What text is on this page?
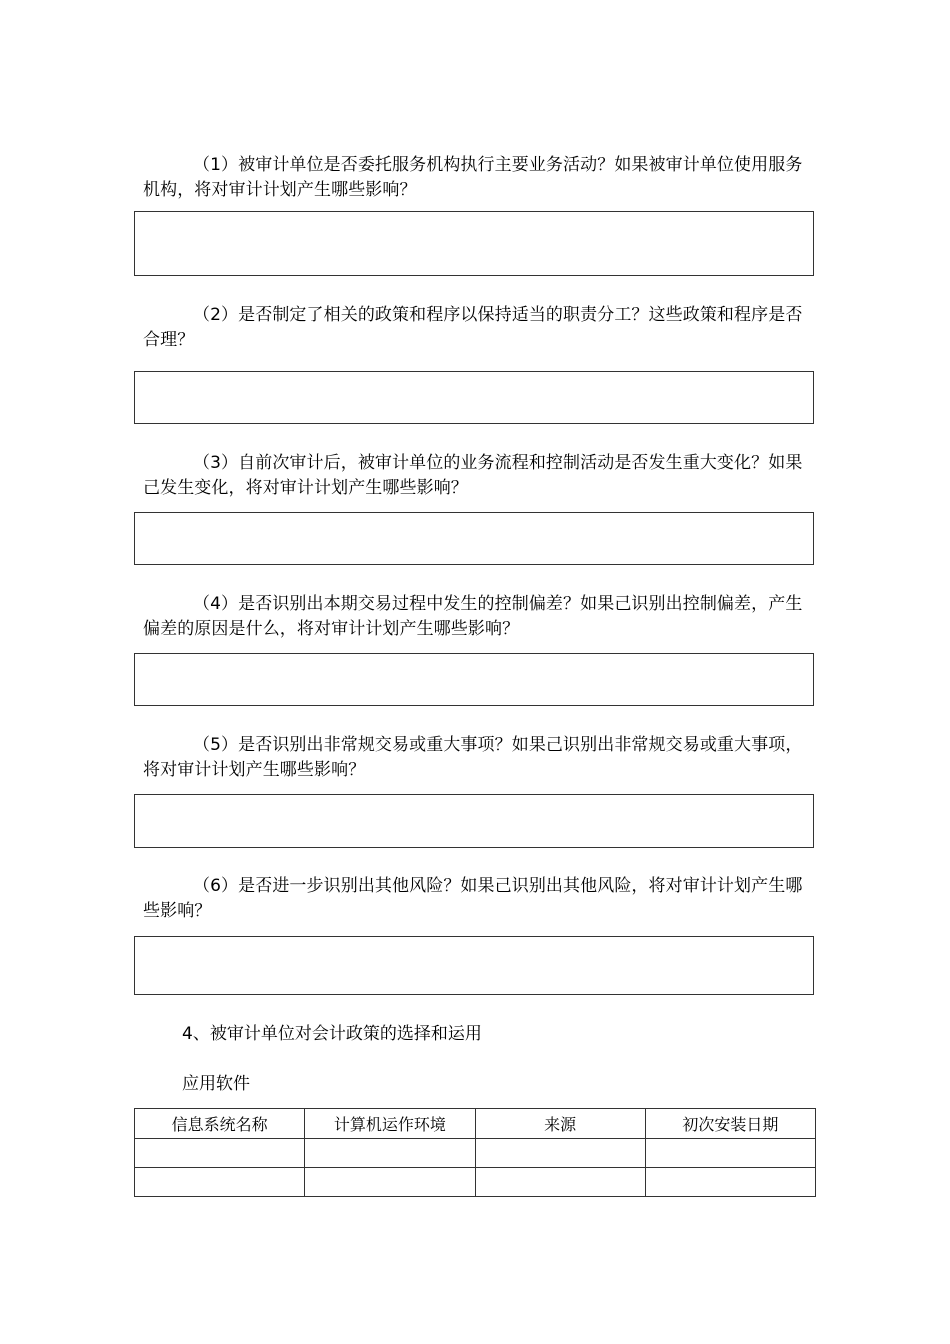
（1）被审计单位是否委托服务机构执行主要业务活动？如果被审计单位使用服务机构，将对审计计划产生哪些影响？
（2）是否制定了相关的政策和程序以保持适当的职责分工？这些政策和程序是否合理？
（3）自前次审计后，被审计单位的业务流程和控制活动是否发生重大变化？如果己发生变化，将对审计计划产生哪些影响？
（4）是否识别出本期交易过程中发生的控制偏差？如果己识别出控制偏差，产生偏差的原因是什么，将对审计计划产生哪些影响？
（5）是否识别出非常规交易或重大事项？如果己识别出非常规交易或重大事项，将对审计计划产生哪些影响？
（6）是否进一步识别出其他风险？如果己识别出其他风险，将对审计计划产生哪些影响？
4、被审计单位对会计政策的选择和运用
应用软件
信息系统名称	计算机运作环境	来源	初次安装日期
